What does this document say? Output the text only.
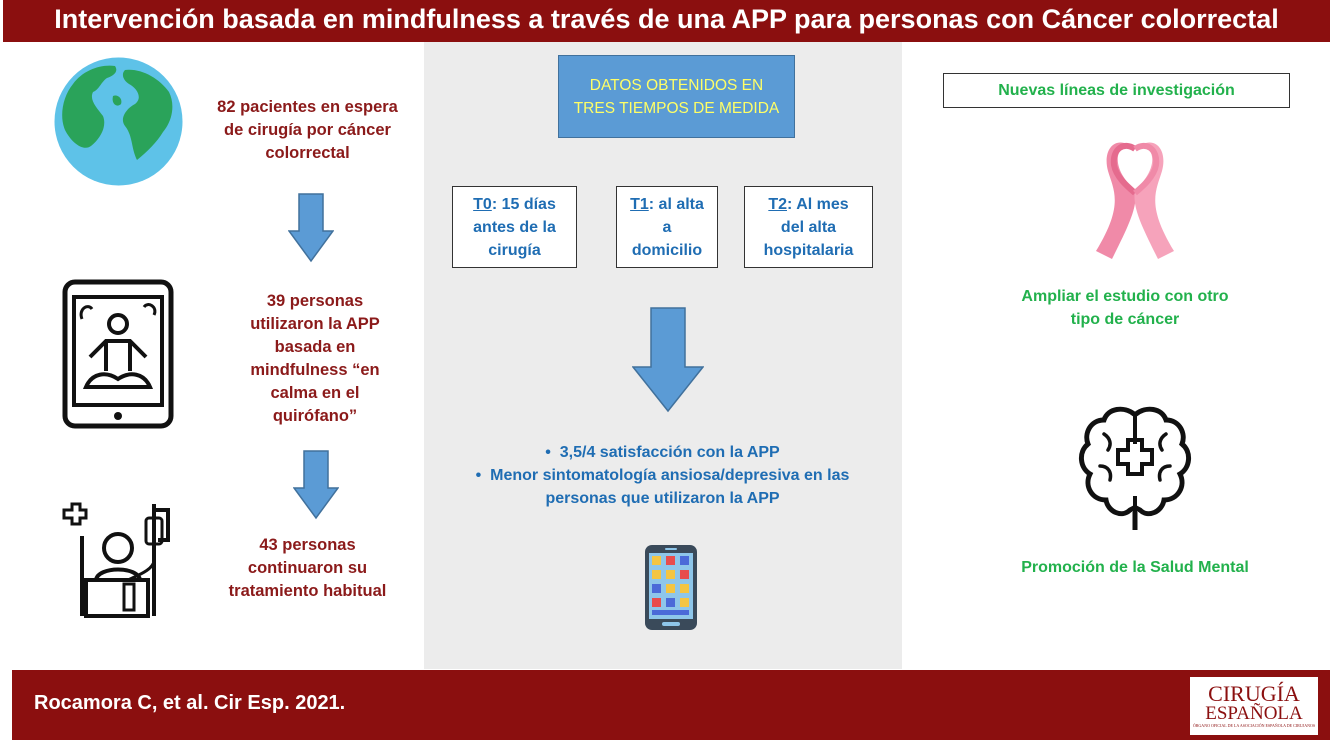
Intervención basada en mindfulness a través de una APP para personas con Cáncer colorrectal
82 pacientes en espera
de cirugía por cáncer
colorrectal
39 personas
utilizaron la APP
basada en
mindfulness “en
calma en el
quirófano”
43 personas
continuaron su
tratamiento habitual
DATOS OBTENIDOS EN
TRES TIEMPOS DE MEDIDA
T0: 15 días
antes de la
cirugía
T1: al alta
a
domicilio
T2: Al mes
del alta
hospitalaria
• 3,5/4 satisfacción con la APP
• Menor sintomatología ansiosa/depresiva en las
personas que utilizaron la APP
Nuevas líneas de investigación
Ampliar el estudio con otro
tipo de cáncer
Promoción de la Salud Mental
Rocamora C, et al. Cir Esp. 2021.	CIRUGÍA
ESPAÑOLA
ÓRGANO OFICIAL DE LA ASOCIACIÓN ESPAÑOLA DE CIRUJANOS
